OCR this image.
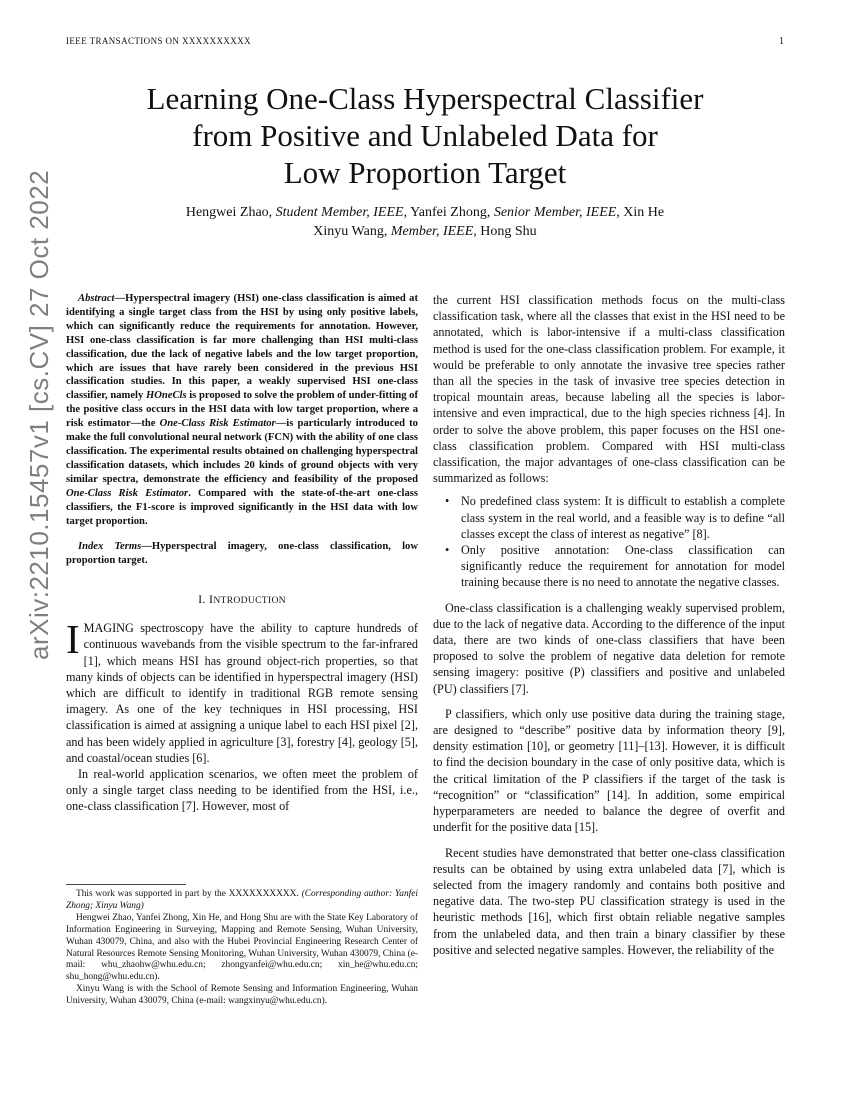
IEEE TRANSACTIONS ON XXXXXXXXXX	1
arXiv:2210.15457v1 [cs.CV] 27 Oct 2022
Learning One-Class Hyperspectral Classifier
from Positive and Unlabeled Data for
Low Proportion Target
Hengwei Zhao, Student Member, IEEE, Yanfei Zhong, Senior Member, IEEE, Xin He
Xinyu Wang, Member, IEEE, Hong Shu

Abstract—Hyperspectral imagery (HSI) one-class classification is aimed at identifying a single target class from the HSI by using only positive labels, which can significantly reduce the requirements for annotation. However, HSI one-class classification is far more challenging than HSI multi-class classification, due the lack of negative labels and the low target proportion, which are issues that have rarely been considered in the previous HSI classification studies. In this paper, a weakly supervised HSI one-class classifier, namely HOneCls is proposed to solve the problem of under-fitting of the positive class occurs in the HSI data with low target proportion, where a risk estimator—the One-Class Risk Estimator—is particularly introduced to make the full convolutional neural network (FCN) with the ability of one class classification. The experimental results obtained on challenging hyperspectral classification datasets, which includes 20 kinds of ground objects with very similar spectra, demonstrate the efficiency and feasibility of the proposed One-Class Risk Estimator. Compared with the state-of-the-art one-class classifiers, the F1-score is improved significantly in the HSI data with low target proportion.

Index Terms—Hyperspectral imagery, one-class classification, low proportion target.

I. INTRODUCTION

IMAGING spectroscopy have the ability to capture hundreds of continuous wavebands from the visible spectrum to the far-infrared [1], which means HSI has ground object-rich properties, so that many kinds of objects can be identified in hyperspectral imagery (HSI) which are difficult to identify in traditional RGB remote sensing imagery. As one of the key techniques in HSI processing, HSI classification is aimed at assigning a unique label to each HSI pixel [2], and has been widely applied in agriculture [3], forestry [4], geology [5], and coastal/ocean studies [6].

In real-world application scenarios, we often meet the problem of only a single target class needing to be identified from the HSI, i.e., one-class classification [7]. However, most of

This work was supported in part by the XXXXXXXXXX. (Corresponding author: Yanfei Zhong; Xinyu Wang)

Hengwei Zhao, Yanfei Zhong, Xin He, and Hong Shu are with the State Key Laboratory of Information Engineering in Surveying, Mapping and Remote Sensing, Wuhan University, Wuhan 430079, China, and also with the Hubei Provincial Engineering Research Center of Natural Resources Remote Sensing Monitoring, Wuhan University, Wuhan 430079, China (e-mail: whu_zhaohw@whu.edu.cn; zhongyanfei@whu.edu.cn; xin_he@whu.edu.cn; shu_hong@whu.edu.cn).

Xinyu Wang is with the School of Remote Sensing and Information Engineering, Wuhan University, Wuhan 430079, China (e-mail: wangxinyu@whu.edu.cn).

the current HSI classification methods focus on the multi-class classification task, where all the classes that exist in the HSI need to be annotated, which is labor-intensive if a multi-class classification method is used for the one-class classification problem. For example, it would be preferable to only annotate the invasive tree species rather than all the species in the task of invasive tree species detection in tropical mountain areas, because labeling all the species is labor-intensive and even impractical, due to the high species richness [4]. In order to solve the above problem, this paper focuses on the HSI one-class classification problem. Compared with HSI multi-class classification, the major advantages of one-class classification can be summarized as follows:

• No predefined class system: It is difficult to establish a complete class system in the real world, and a feasible way is to define “all classes except the class of interest as negative” [8].
• Only positive annotation: One-class classification can significantly reduce the requirement for annotation for model training because there is no need to annotate the negative classes.

One-class classification is a challenging weakly supervised problem, due to the lack of negative data. According to the difference of the input data, there are two kinds of one-class classifiers that have been proposed to solve the problem of negative data deletion for remote sensing imagery: positive (P) classifiers and positive and unlabeled (PU) classifiers [7].

P classifiers, which only use positive data during the training stage, are designed to “describe” positive data by information theory [9], density estimation [10], or geometry [11]–[13]. However, it is difficult to find the decision boundary in the case of only positive data, which is the critical limitation of the P classifiers if the target of the task is “recognition” or “classification” [14]. In addition, some empirical hyperparameters are needed to balance the degree of overfit and underfit for the positive data [15].

Recent studies have demonstrated that better one-class classification results can be obtained by using extra unlabeled data [7], which is selected from the imagery randomly and contains both positive and negative data. The two-step PU classification strategy is used in the heuristic methods [16], which first obtain reliable negative samples from the unlabeled data, and then train a binary classifier by these positive and selected negative samples. However, the reliability of the
